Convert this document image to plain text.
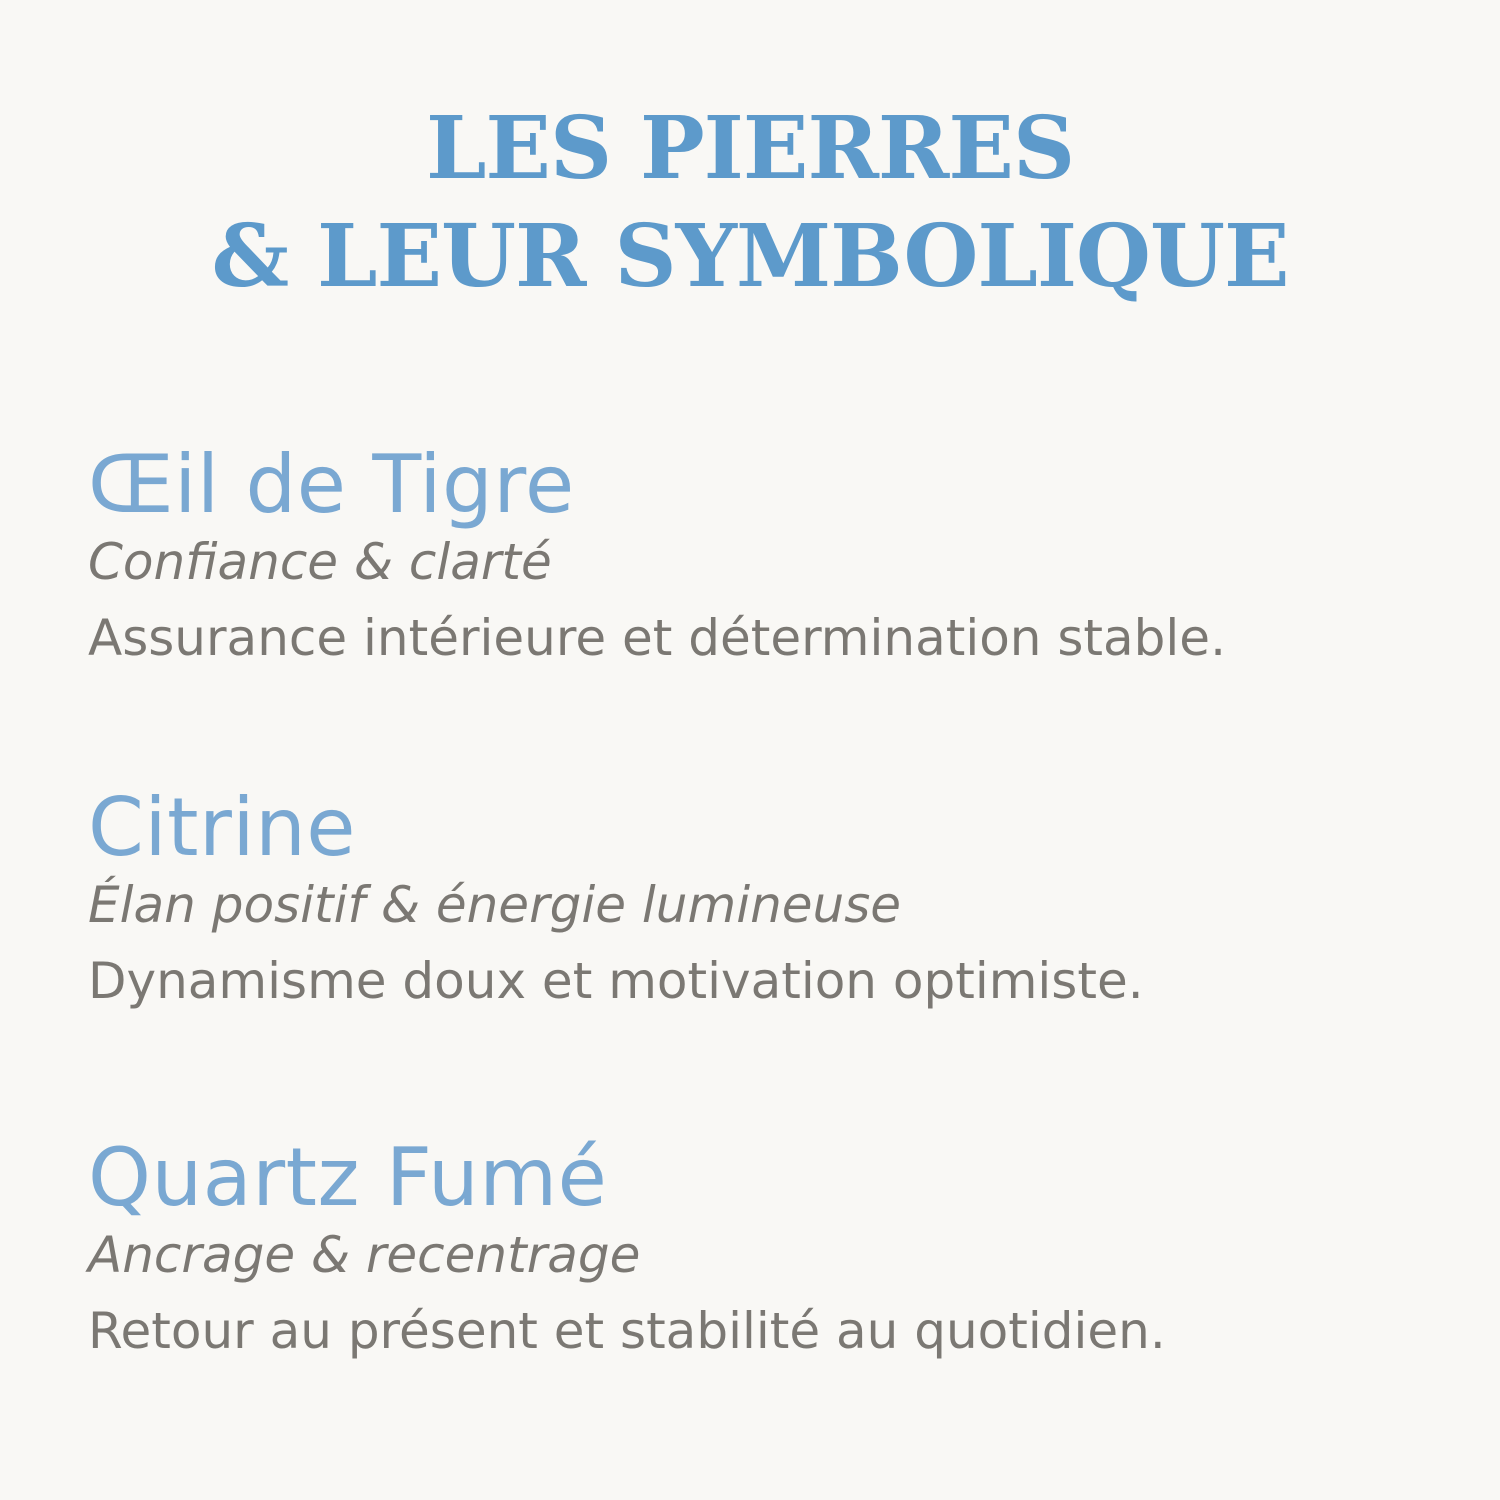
LES PIERRES
& LEUR SYMBOLIQUE
Œil de Tigre
Confiance & clarté
Assurance intérieure et détermination stable.
Citrine
Élan positif & énergie lumineuse
Dynamisme doux et motivation optimiste.
Quartz Fumé
Ancrage & recentrage
Retour au présent et stabilité au quotidien.
